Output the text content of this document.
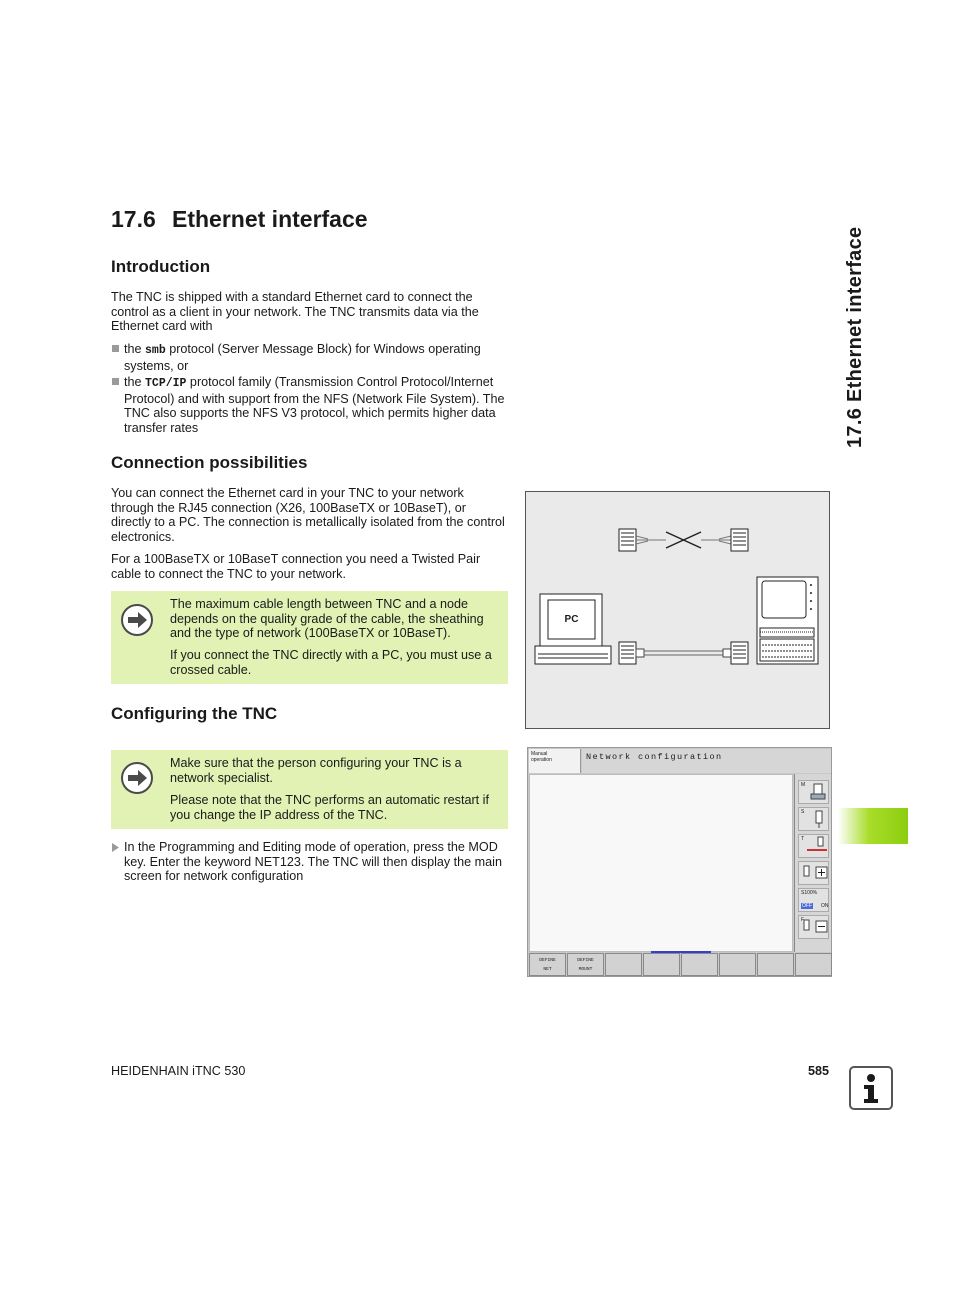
17.6 Ethernet interface
17.6 Ethernet interface
Introduction
The TNC is shipped with a standard Ethernet card to connect the control as a client in your network. The TNC transmits data via the Ethernet card with
the smb protocol (Server Message Block) for Windows operating systems, or
the TCP/IP protocol family (Transmission Control Protocol/Internet Protocol) and with support from the NFS (Network File System). The TNC also supports the NFS V3 protocol, which permits higher data transfer rates
Connection possibilities
You can connect the Ethernet card in your TNC to your network through the RJ45 connection (X26, 100BaseTX or 10BaseT), or directly to a PC. The connection is metallically isolated from the control electronics.
For a 100BaseTX or 10BaseT connection you need a Twisted Pair cable to connect the TNC to your network.
The maximum cable length between TNC and a node depends on the quality grade of the cable, the sheathing and the type of network (100BaseTX or 10BaseT).
If you connect the TNC directly with a PC, you must use a crossed cable.
Configuring the TNC
Make sure that the person configuring your TNC is a network specialist.
Please note that the TNC performs an automatic restart if you change the IP address of the TNC.
In the Programming and Editing mode of operation, press the MOD key. Enter the keyword NET123. The TNC will then display the main screen for network configuration
PC
Manual
operation	Network configuration
M
S
T
S100%
OFF ON
F
DEFINE
NET
DEFINE
MOUNT
HEIDENHAIN iTNC 530	585
